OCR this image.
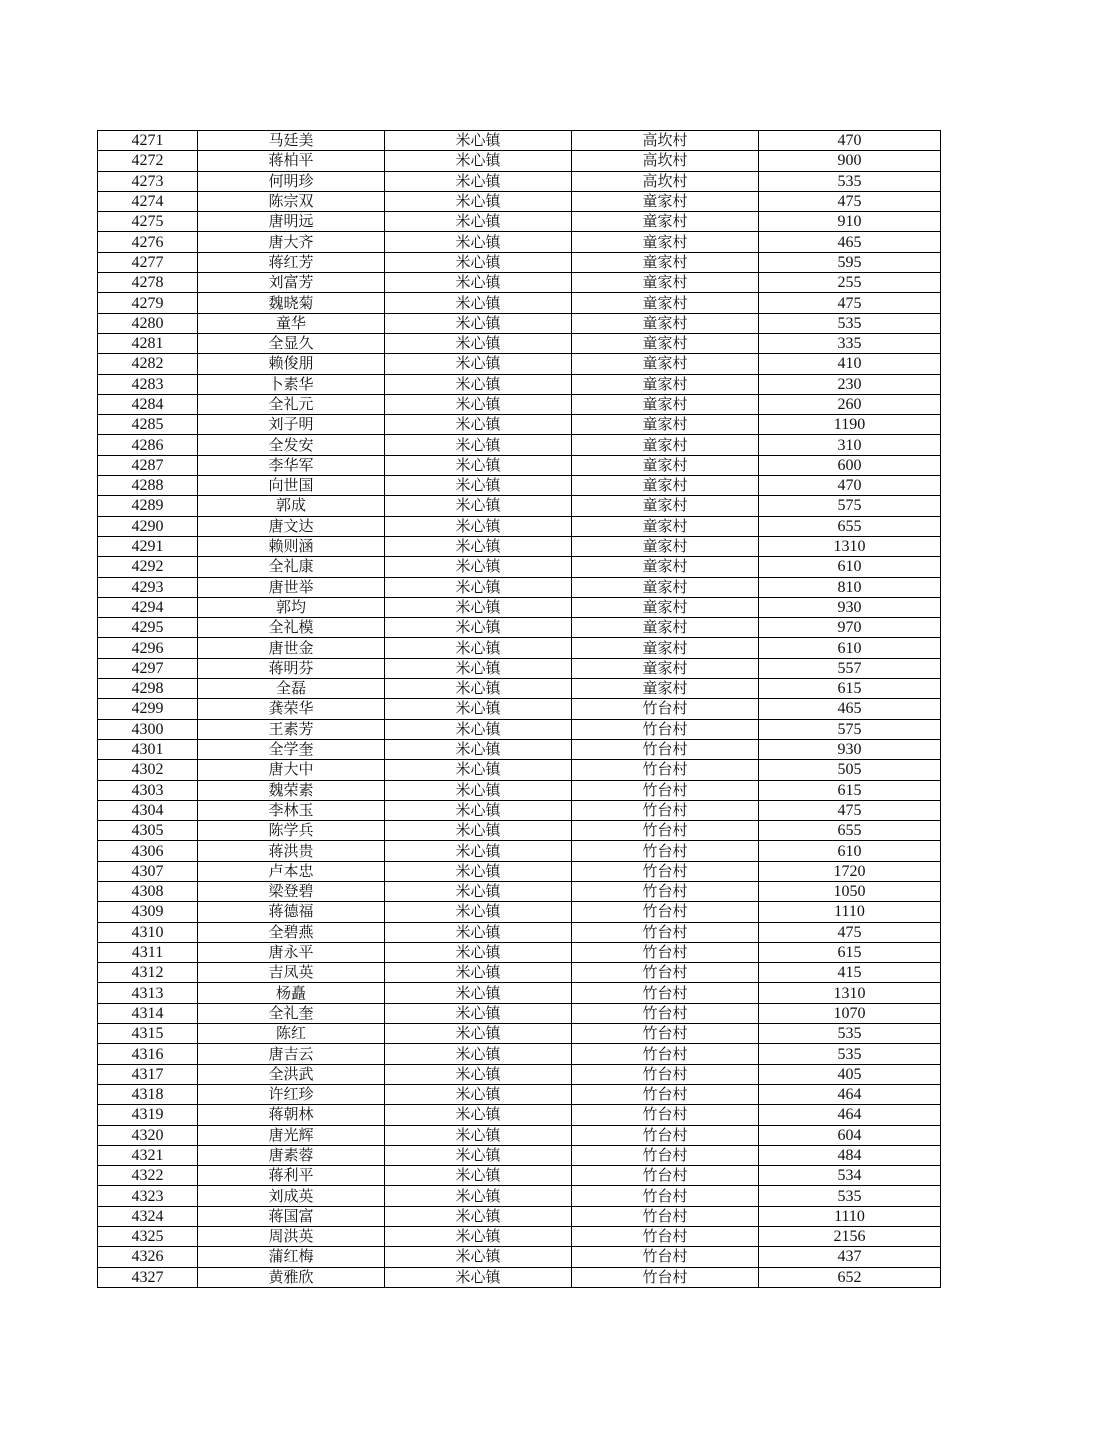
4271	马廷美	米心镇	高坎村	470
4272	蒋柏平	米心镇	高坎村	900
4273	何明珍	米心镇	高坎村	535
4274	陈宗双	米心镇	童家村	475
4275	唐明远	米心镇	童家村	910
4276	唐大齐	米心镇	童家村	465
4277	蒋红芳	米心镇	童家村	595
4278	刘富芳	米心镇	童家村	255
4279	魏晓菊	米心镇	童家村	475
4280	童华	米心镇	童家村	535
4281	全显久	米心镇	童家村	335
4282	赖俊朋	米心镇	童家村	410
4283	卜素华	米心镇	童家村	230
4284	全礼元	米心镇	童家村	260
4285	刘子明	米心镇	童家村	1190
4286	全发安	米心镇	童家村	310
4287	李华军	米心镇	童家村	600
4288	向世国	米心镇	童家村	470
4289	郭成	米心镇	童家村	575
4290	唐文达	米心镇	童家村	655
4291	赖则涵	米心镇	童家村	1310
4292	全礼康	米心镇	童家村	610
4293	唐世举	米心镇	童家村	810
4294	郭均	米心镇	童家村	930
4295	全礼模	米心镇	童家村	970
4296	唐世金	米心镇	童家村	610
4297	蒋明芬	米心镇	童家村	557
4298	全磊	米心镇	童家村	615
4299	龚荣华	米心镇	竹台村	465
4300	王素芳	米心镇	竹台村	575
4301	全学奎	米心镇	竹台村	930
4302	唐大中	米心镇	竹台村	505
4303	魏荣素	米心镇	竹台村	615
4304	李林玉	米心镇	竹台村	475
4305	陈学兵	米心镇	竹台村	655
4306	蒋洪贵	米心镇	竹台村	610
4307	卢本忠	米心镇	竹台村	1720
4308	梁登碧	米心镇	竹台村	1050
4309	蒋德福	米心镇	竹台村	1110
4310	全碧燕	米心镇	竹台村	475
4311	唐永平	米心镇	竹台村	615
4312	吉凤英	米心镇	竹台村	415
4313	杨矗	米心镇	竹台村	1310
4314	全礼奎	米心镇	竹台村	1070
4315	陈红	米心镇	竹台村	535
4316	唐吉云	米心镇	竹台村	535
4317	全洪武	米心镇	竹台村	405
4318	许红珍	米心镇	竹台村	464
4319	蒋朝林	米心镇	竹台村	464
4320	唐光辉	米心镇	竹台村	604
4321	唐素蓉	米心镇	竹台村	484
4322	蒋利平	米心镇	竹台村	534
4323	刘成英	米心镇	竹台村	535
4324	蒋国富	米心镇	竹台村	1110
4325	周洪英	米心镇	竹台村	2156
4326	蒲红梅	米心镇	竹台村	437
4327	黄雅欣	米心镇	竹台村	652
